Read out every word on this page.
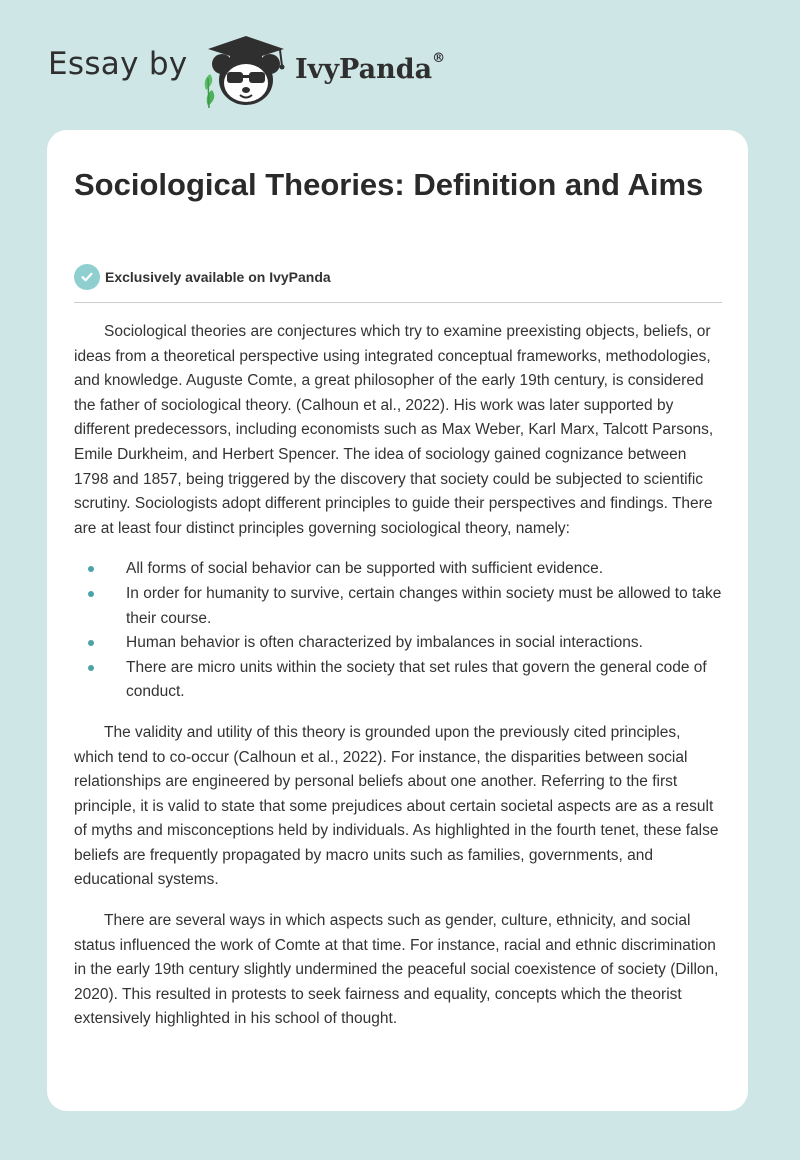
Essay by	IvyPanda®
Sociological Theories: Definition and Aims
Exclusively available on IvyPanda

Sociological theories are conjectures which try to examine preexisting objects, beliefs, or ideas from a theoretical perspective using integrated conceptual frameworks, methodologies, and knowledge. Auguste Comte, a great philosopher of the early 19th century, is considered the father of sociological theory. (Calhoun et al., 2022). His work was later supported by different predecessors, including economists such as Max Weber, Karl Marx, Talcott Parsons, Emile Durkheim, and Herbert Spencer. The idea of sociology gained cognizance between 1798 and 1857, being triggered by the discovery that society could be subjected to scientific scrutiny. Sociologists adopt different principles to guide their perspectives and findings. There are at least four distinct principles governing sociological theory, namely:

All forms of social behavior can be supported with sufficient evidence.
In order for humanity to survive, certain changes within society must be allowed to take their course.
Human behavior is often characterized by imbalances in social interactions.
There are micro units within the society that set rules that govern the general code of conduct.

The validity and utility of this theory is grounded upon the previously cited principles, which tend to co-occur (Calhoun et al., 2022). For instance, the disparities between social relationships are engineered by personal beliefs about one another. Referring to the first principle, it is valid to state that some prejudices about certain societal aspects are as a result of myths and misconceptions held by individuals. As highlighted in the fourth tenet, these false beliefs are frequently propagated by macro units such as families, governments, and educational systems.

There are several ways in which aspects such as gender, culture, ethnicity, and social status influenced the work of Comte at that time. For instance, racial and ethnic discrimination in the early 19th century slightly undermined the peaceful social coexistence of society (Dillon, 2020). This resulted in protests to seek fairness and equality, concepts which the theorist extensively highlighted in his school of thought.
